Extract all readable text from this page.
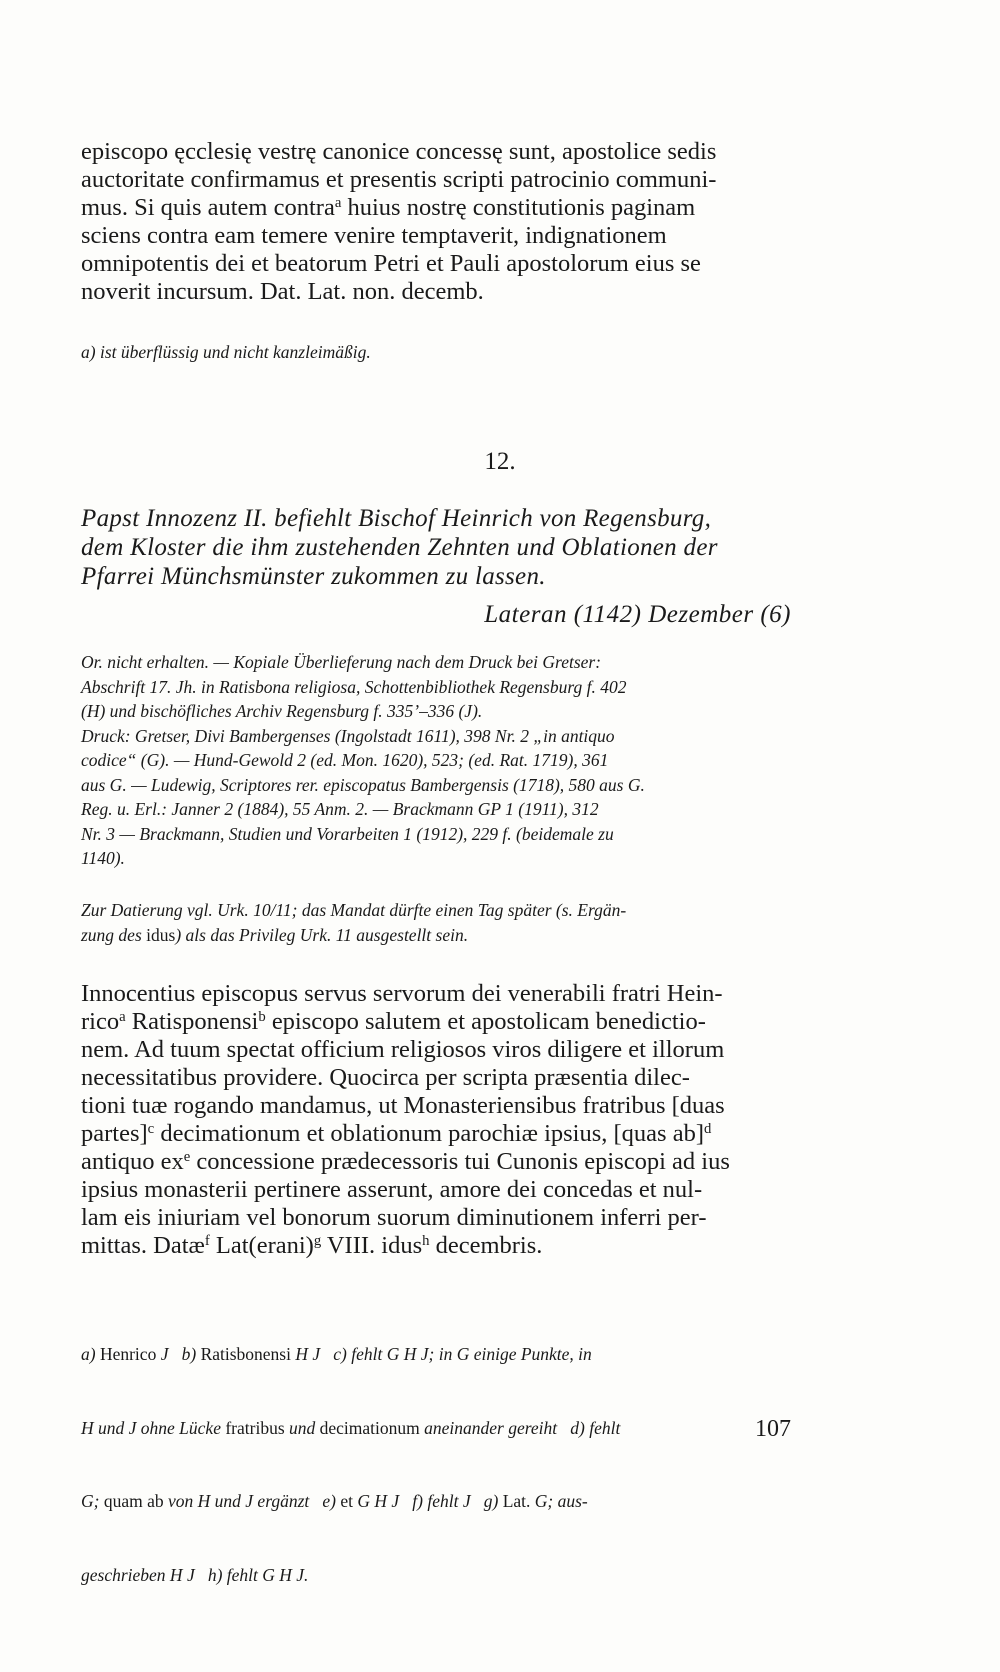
episcopo ęcclesię vestrę canonice concessę sunt, apostolice sedis

auctoritate confirmamus et presentis scripti patrocinio communi-

mus. Si quis autem contra$^a$ huius nostrę constitutionis paginam

sciens contra eam temere venire temptaverit, indignationem

omnipotentis dei et beatorum Petri et Pauli apostolorum eius se

noverit incursum. Dat. Lat. non. decemb.

a) ist überflüssig und nicht kanzleimäßig.

12.

Papst Innozenz II. befiehlt Bischof Heinrich von Regensburg,

dem Kloster die ihm zustehenden Zehnten und Oblationen der

Pfarrei Münchsmünster zukommen zu lassen.

Lateran (1142) Dezember (6)

Or. nicht erhalten. — Kopiale Überlieferung nach dem Druck bei Gretser:

Abschrift 17. Jh. in Ratisbona religiosa, Schottenbibliothek Regensburg f. 402

(H) und bischöfliches Archiv Regensburg f. 335’–336 (J).

Druck: Gretser, Divi Bambergenses (Ingolstadt 1611), 398 Nr. 2 „in antiquo

codice“ (G). — Hund-Gewold 2 (ed. Mon. 1620), 523; (ed. Rat. 1719), 361

aus G. — Ludewig, Scriptores rer. episcopatus Bambergensis (1718), 580 aus G.

Reg. u. Erl.: Janner 2 (1884), 55 Anm. 2. — Brackmann GP 1 (1911), 312

Nr. 3 — Brackmann, Studien und Vorarbeiten 1 (1912), 229 f. (beidemale zu

1140).

Zur Datierung vgl. Urk. 10/11; das Mandat dürfte einen Tag später (s. Ergän-

zung des idus) als das Privileg Urk. 11 ausgestellt sein.

Innocentius episcopus servus servorum dei venerabili fratri Hein-

rico$^a$ Ratisponensi$^b$ episcopo salutem et apostolicam benedictio-

nem. Ad tuum spectat officium religiosos viros diligere et illorum

necessitatibus providere. Quocirca per scripta præsentia dilec-

tioni tuæ rogando mandamus, ut Monasteriensibus fratribus [duas

partes]$^c$ decimationum et oblationum parochiæ ipsius, [quas ab]$^d$

antiquo $ex^e$ concessione prædecessoris tui Cunonis episcopi ad ius

ipsius monasterii pertinere asserunt, amore dei concedas et nul-

lam eis iniuriam vel bonorum suorum diminutionem inferri per-

mittas. Datæ$^f$ Lat(erani)$^g$ VIII. idus$^h$ decembris.

a) Henrico J   b) Ratisbonensi H J   c) fehlt G H J; in G einige Punkte, in

H und J ohne Lücke fratribus und decimationum aneinander gereiht   d) fehlt

G; quam ab von H und J ergänzt   e) et G H J   f) fehlt J   g) Lat. G; aus-

geschrieben H J   h) fehlt G H J.

107
